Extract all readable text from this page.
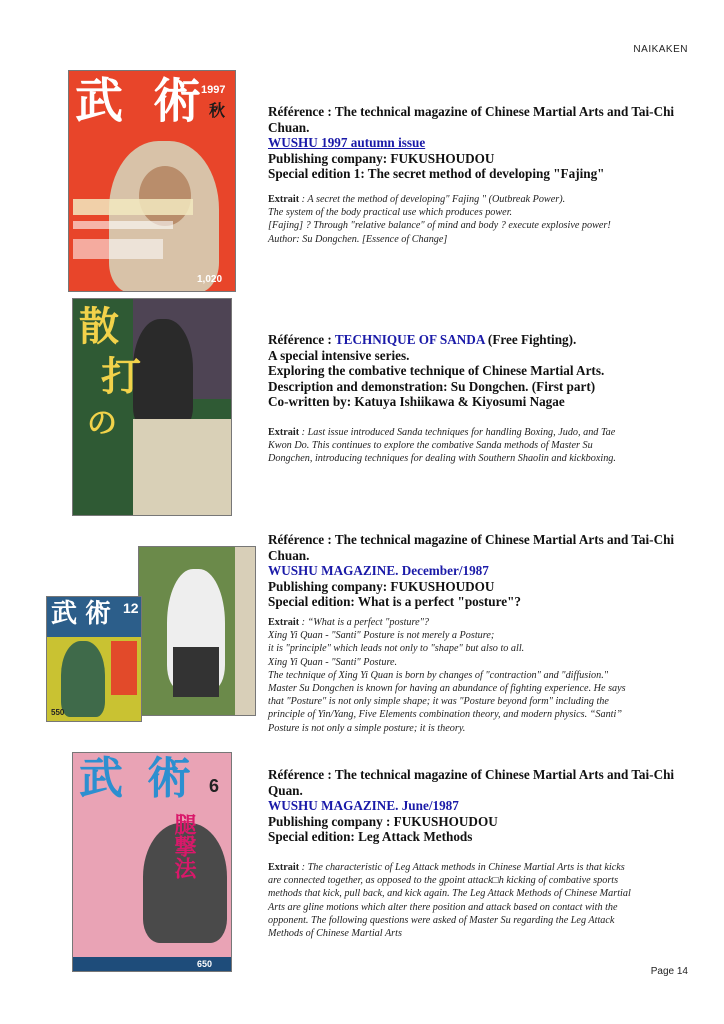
NAIKAKEN
武 術 秋
1997
1,020
散
打
の
武 術 12
550
武 術 6
腿撃法
650
Référence : The technical magazine of Chinese Martial Arts and Tai-Chi Chuan.
WUSHU 1997 autumn issue
Publishing company: FUKUSHOUDOU
Special edition 1: The secret method of developing "Fajing"
Extrait : A secret the method of developing" Fajing " (Outbreak Power).
The system of the body practical use which produces power.
[Fajing] ? Through "relative balance" of mind and body ? execute explosive power!
Author: Su Dongchen. [Essence of Change]
Référence : TECHNIQUE OF SANDA (Free Fighting).
A special intensive series.
Exploring the combative technique of Chinese Martial Arts.
Description and demonstration: Su Dongchen. (First part)
Co-written by: Katuya Ishiikawa & Kiyosumi Nagae
Extrait : Last issue introduced Sanda techniques for handling Boxing, Judo, and Tae
Kwon Do. This continues to explore the combative Sanda methods of Master Su
Dongchen, introducing techniques for dealing with Southern Shaolin and kickboxing.
Référence : The technical magazine of Chinese Martial Arts and Tai-Chi Chuan.
WUSHU MAGAZINE. December/1987
Publishing company: FUKUSHOUDOU
Special edition: What is a perfect "posture"?
Extrait : “What is a perfect "posture"?
Xing Yi Quan - "Santi" Posture is not merely a Posture;
it is "principle" which leads not only to "shape" but also to all.
Xing Yi Quan - "Santi" Posture.
The technique of Xing Yi Quan is born by changes of "contraction" and "diffusion."
Master Su Dongchen is known for having an abundance of fighting experience. He says
that "Posture" is not only simple shape; it was "Posture beyond form" including the
principle of Yin/Yang, Five Elements combination theory, and modern physics. “Santi”
Posture is not only a simple posture; it is theory.
Référence : The technical magazine of Chinese Martial Arts and Tai-Chi Quan.
WUSHU MAGAZINE. June/1987
Publishing company : FUKUSHOUDOU
Special edition: Leg Attack Methods
Extrait : The characteristic of Leg Attack methods in Chinese Martial Arts is that kicks
are connected together, as opposed to the gpoint attack□h kicking of combative sports
methods that kick, pull back, and kick again. The Leg Attack Methods of Chinese Martial
Arts are gline motions which alter there position and attack based on contact with the
opponent. The following questions were asked of Master Su regarding the Leg Attack
Methods of Chinese Martial Arts
Page 14
